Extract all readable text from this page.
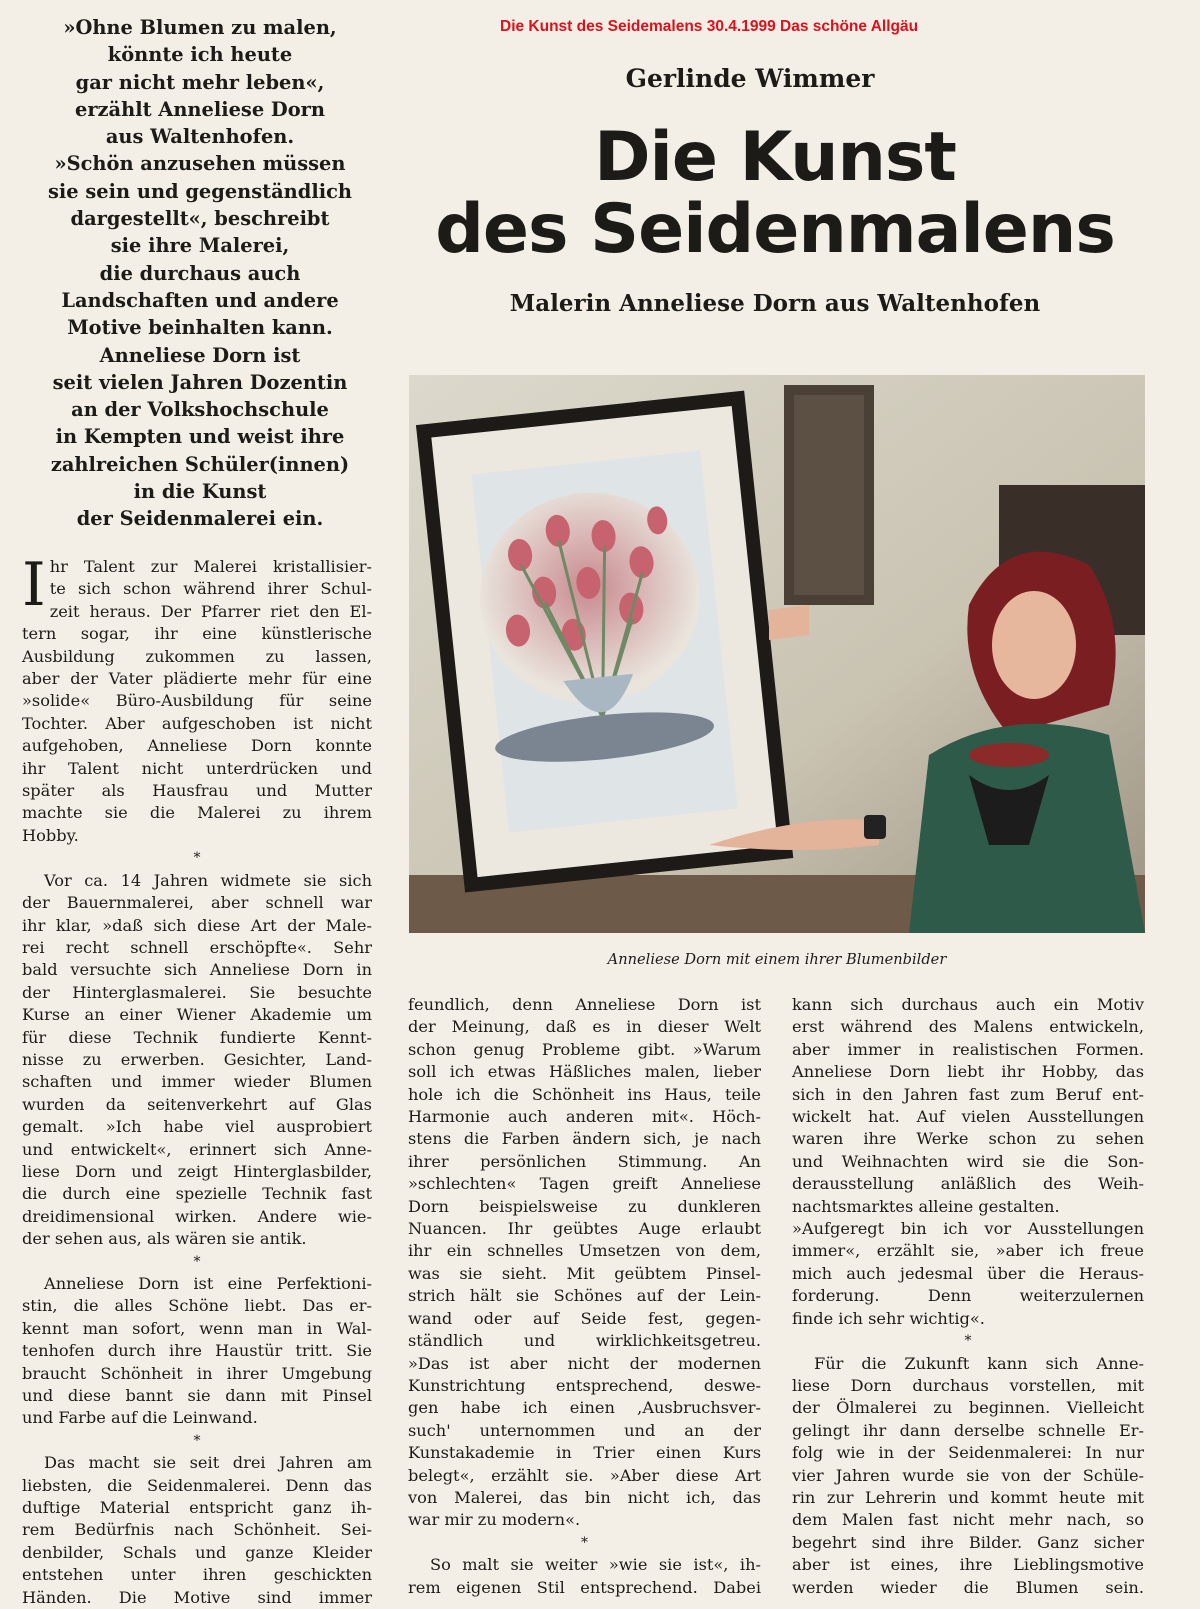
Die Kunst des Seidemalens 30.4.1999 Das schöne Allgäu
»Ohne Blumen zu malen,
könnte ich heute
gar nicht mehr leben«,
erzählt Anneliese Dorn
aus Waltenhofen.
»Schön anzusehen müssen
sie sein und gegenständlich
dargestellt«, beschreibt
sie ihre Malerei,
die durchaus auch
Landschaften und andere
Motive beinhalten kann.
Anneliese Dorn ist
seit vielen Jahren Dozentin
an der Volkshochschule
in Kempten und weist ihre
zahlreichen Schüler(innen)
in die Kunst
der Seidenmalerei ein.
Gerlinde Wimmer
Die Kunst
des Seidenmalens
Malerin Anneliese Dorn aus Waltenhofen
Anneliese Dorn mit einem ihrer Blumenbilder
I hr Talent zur Malerei kristallisier-
te sich schon während ihrer Schul-
zeit heraus. Der Pfarrer riet den El-
tern sogar, ihr eine künstlerische
Ausbildung zukommen zu lassen,
aber der Vater plädierte mehr für eine
»solide« Büro-Ausbildung für seine
Tochter. Aber aufgeschoben ist nicht
aufgehoben, Anneliese Dorn konnte
ihr Talent nicht unterdrücken und
später als Hausfrau und Mutter
machte sie die Malerei zu ihrem
Hobby.
*
Vor ca. 14 Jahren widmete sie sich
der Bauernmalerei, aber schnell war
ihr klar, »daß sich diese Art der Male-
rei recht schnell erschöpfte«. Sehr
bald versuchte sich Anneliese Dorn in
der Hinterglasmalerei. Sie besuchte
Kurse an einer Wiener Akademie um
für diese Technik fundierte Kennt-
nisse zu erwerben. Gesichter, Land-
schaften und immer wieder Blumen
wurden da seitenverkehrt auf Glas
gemalt. »Ich habe viel ausprobiert
und entwickelt«, erinnert sich Anne-
liese Dorn und zeigt Hinterglasbilder,
die durch eine spezielle Technik fast
dreidimensional wirken. Andere wie-
der sehen aus, als wären sie antik.
*
Anneliese Dorn ist eine Perfektioni-
stin, die alles Schöne liebt. Das er-
kennt man sofort, wenn man in Wal-
tenhofen durch ihre Haustür tritt. Sie
braucht Schönheit in ihrer Umgebung
und diese bannt sie dann mit Pinsel
und Farbe auf die Leinwand.
*
Das macht sie seit drei Jahren am
liebsten, die Seidenmalerei. Denn das
duftige Material entspricht ganz ih-
rem Bedürfnis nach Schönheit. Sei-
denbilder, Schals und ganze Kleider
entstehen unter ihren geschickten
Händen. Die Motive sind immer
feundlich, denn Anneliese Dorn ist
der Meinung, daß es in dieser Welt
schon genug Probleme gibt. »Warum
soll ich etwas Häßliches malen, lieber
hole ich die Schönheit ins Haus, teile
Harmonie auch anderen mit«. Höch-
stens die Farben ändern sich, je nach
ihrer persönlichen Stimmung. An
»schlechten« Tagen greift Anneliese
Dorn beispielsweise zu dunkleren
Nuancen. Ihr geübtes Auge erlaubt
ihr ein schnelles Umsetzen von dem,
was sie sieht. Mit geübtem Pinsel-
strich hält sie Schönes auf der Lein-
wand oder auf Seide fest, gegen-
ständlich und wirklichkeitsgetreu.
»Das ist aber nicht der modernen
Kunstrichtung entsprechend, deswe-
gen habe ich einen ,Ausbruchsver-
such' unternommen und an der
Kunstakademie in Trier einen Kurs
belegt«, erzählt sie. »Aber diese Art
von Malerei, das bin nicht ich, das
war mir zu modern«.
*
So malt sie weiter »wie sie ist«, ih-
rem eigenen Stil entsprechend. Dabei
kann sich durchaus auch ein Motiv
erst während des Malens entwickeln,
aber immer in realistischen Formen.
Anneliese Dorn liebt ihr Hobby, das
sich in den Jahren fast zum Beruf ent-
wickelt hat. Auf vielen Ausstellungen
waren ihre Werke schon zu sehen
und Weihnachten wird sie die Son-
derausstellung anläßlich des Weih-
nachtsmarktes alleine gestalten.
»Aufgeregt bin ich vor Ausstellungen
immer«, erzählt sie, »aber ich freue
mich auch jedesmal über die Heraus-
forderung. Denn weiterzulernen
finde ich sehr wichtig«.
*
Für die Zukunft kann sich Anne-
liese Dorn durchaus vorstellen, mit
der Ölmalerei zu beginnen. Vielleicht
gelingt ihr dann derselbe schnelle Er-
folg wie in der Seidenmalerei: In nur
vier Jahren wurde sie von der Schüle-
rin zur Lehrerin und kommt heute mit
dem Malen fast nicht mehr nach, so
begehrt sind ihre Bilder. Ganz sicher
aber ist eines, ihre Lieblingsmotive
werden wieder die Blumen sein.
